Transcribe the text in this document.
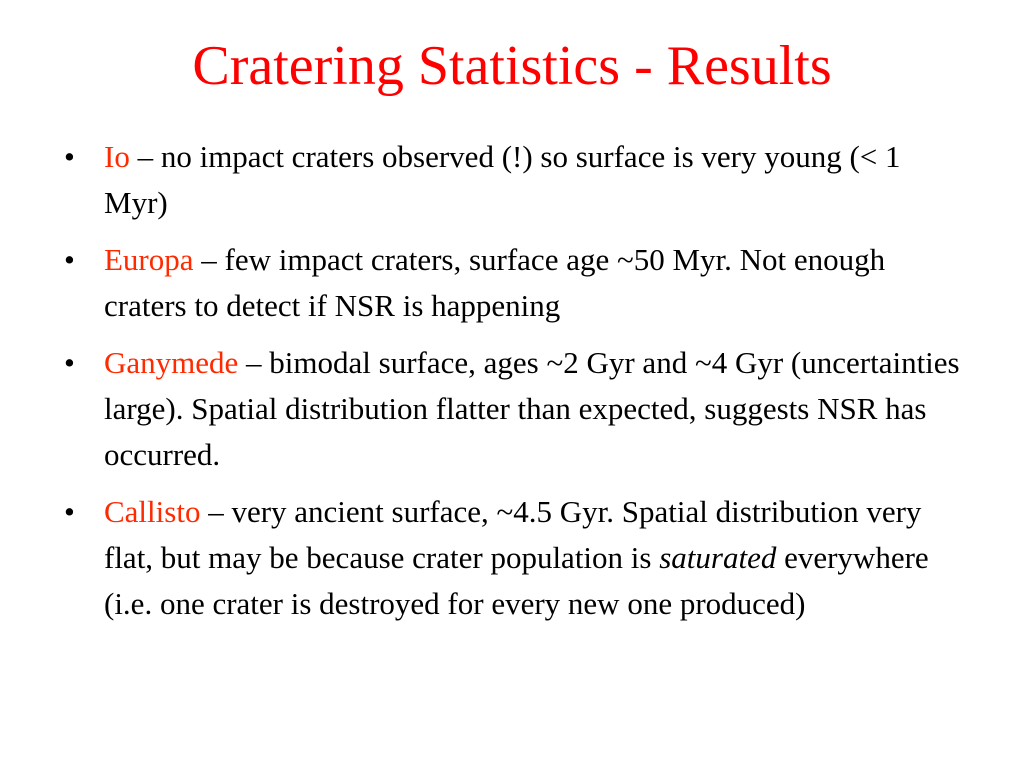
Cratering Statistics - Results
• Io – no impact craters observed (!) so surface is very young (< 1 Myr)
• Europa – few impact craters, surface age ~50 Myr. Not enough craters to detect if NSR is happening
• Ganymede – bimodal surface, ages ~2 Gyr and ~4 Gyr (uncertainties large). Spatial distribution flatter than expected, suggests NSR has occurred.
• Callisto – very ancient surface, ~4.5 Gyr. Spatial distribution very flat, but may be because crater population is saturated everywhere (i.e. one crater is destroyed for every new one produced)
